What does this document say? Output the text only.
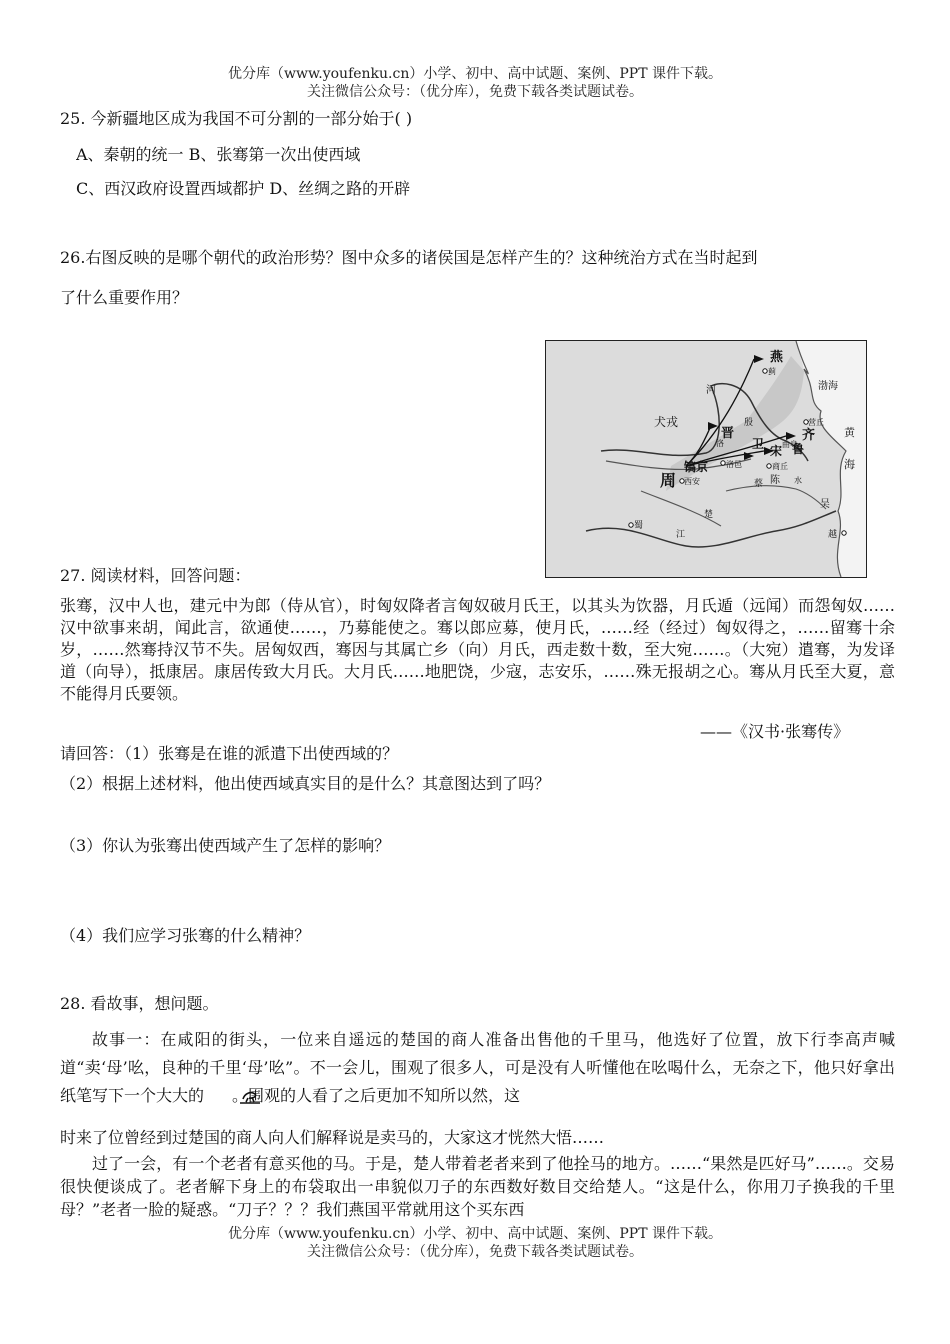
优分库（www.youfenku.cn）小学、初中、高中试题、案例、PPT 课件下载。
关注微信公众号：（优分库），免费下载各类试题试卷。
25. 今新疆地区成为我国不可分割的一部分始于( )
A、秦朝的统一 B、张骞第一次出使西域
C、西汉政府设置西域都护 D、丝绸之路的开辟
26.右图反映的是哪个朝代的政治形势？图中众多的诸侯国是怎样产生的？这种统治方式在当时起到
了什么重要作用？
燕
蓟
渤海
犬戎
河
晋
殷
齐
营丘
卫 曲阜
鲁
宋
洛
洛邑	商丘
黄
海
镐京
西安
周	蔡 陈 水
楚
蜀
江
吴
越
27. 阅读材料，回答问题：
张骞，汉中人也，建元中为郎（侍从官），时匈奴降者言匈奴破月氏王，以其头为饮器，月氏遁（远闻）而怨匈奴……汉中欲事来胡，闻此言，欲通使……，乃募能使之。骞以郎应募，使月氏，……经（经过）匈奴得之，……留骞十余岁，……然骞持汉节不失。居匈奴西，骞因与其属亡乡（向）月氏，西走数十数，至大宛……。（大宛）遣骞，为发译道（向导），抵康居。康居传致大月氏。大月氏……地肥饶，少寇，志安乐，……殊无报胡之心。骞从月氏至大夏，意不能得月氏要领。
——《汉书·张骞传》
请回答：（1）张骞是在谁的派遣下出使西域的？
（2）根据上述材料，他出使西域真实目的是什么？其意图达到了吗？
（3）你认为张骞出使西域产生了怎样的影响？
（4）我们应学习张骞的什么精神？
28. 看故事，想问题。
故事一：在咸阳的街头，一位来自遥远的楚国的商人准备出售他的千里马，他选好了位置，放下行李高声喊道“卖‘母’吆，良种的千里‘母’吆”。不一会儿，围观了很多人，可是没有人听懂他在吆喝什么，无奈之下，他只好拿出纸笔写下一个大大的 。围观的人看了之后更加不知所以然，这
时来了位曾经到过楚国的商人向人们解释说是卖马的，大家这才恍然大悟……
过了一会，有一个老者有意买他的马。于是，楚人带着老者来到了他拴马的地方。……“果然是匹好马”……。交易很快便谈成了。老者解下身上的布袋取出一串貌似刀子的东西数好数目交给楚人。“这是什么，你用刀子换我的千里母？”老者一脸的疑惑。“刀子？？？我们燕国平常就用这个买东西
优分库（www.youfenku.cn）小学、初中、高中试题、案例、PPT 课件下载。
关注微信公众号：（优分库），免费下载各类试题试卷。
